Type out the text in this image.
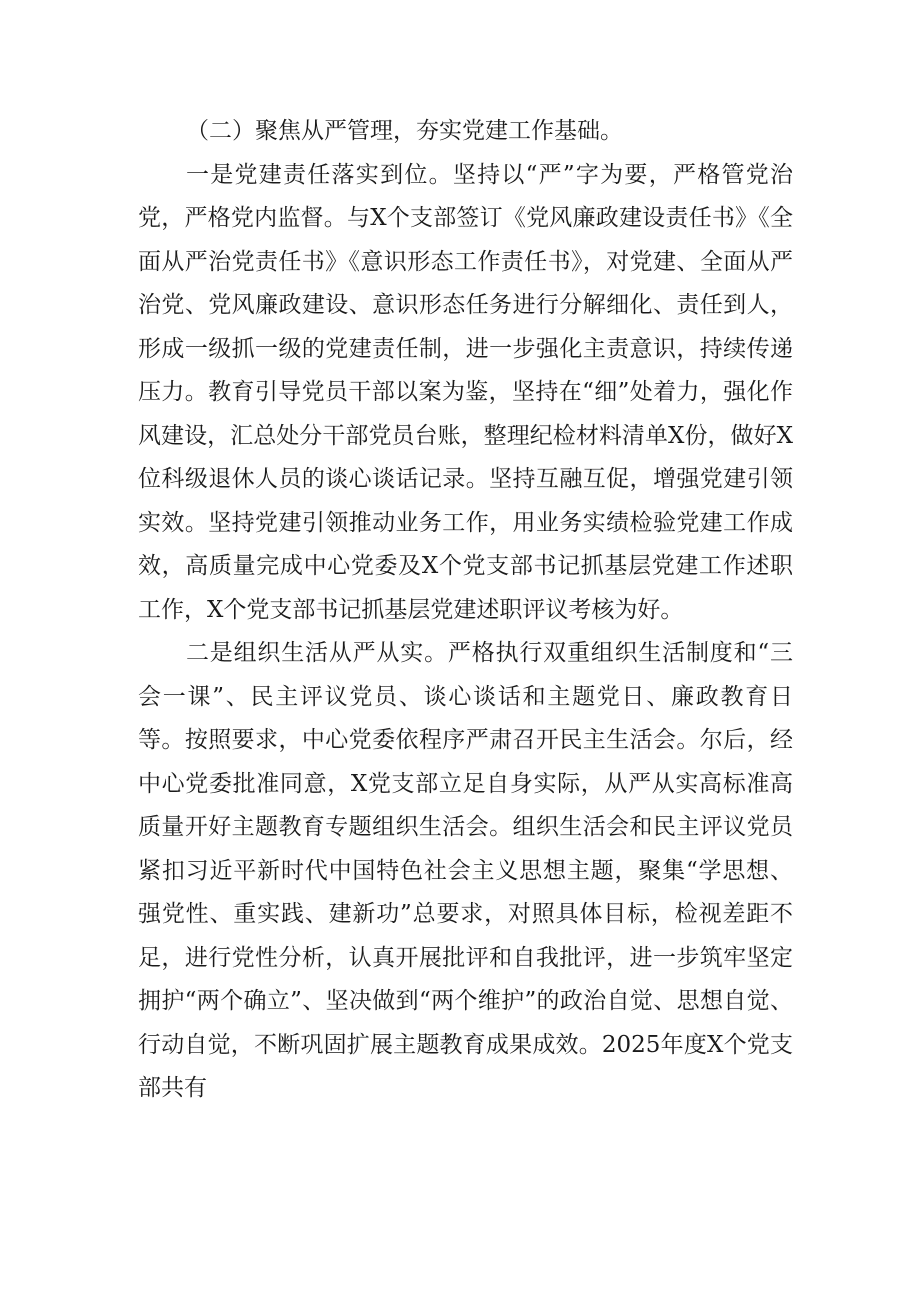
（二）聚焦从严管理，夯实党建工作基础。

一是党建责任落实到位。坚持以“严”字为要，严格管党治党，严格党内监督。与X个支部签订《党风廉政建设责任书》《全面从严治党责任书》《意识形态工作责任书》，对党建、全面从严治党、党风廉政建设、意识形态任务进行分解细化、责任到人，形成一级抓一级的党建责任制，进一步强化主责意识，持续传递压力。教育引导党员干部以案为鉴，坚持在“细”处着力，强化作风建设，汇总处分干部党员台账，整理纪检材料清单X份，做好X位科级退休人员的谈心谈话记录。坚持互融互促，增强党建引领实效。坚持党建引领推动业务工作，用业务实绩检验党建工作成效，高质量完成中心党委及X个党支部书记抓基层党建工作述职工作，X个党支部书记抓基层党建述职评议考核为好。

二是组织生活从严从实。严格执行双重组织生活制度和“三会一课”、民主评议党员、谈心谈话和主题党日、廉政教育日等。按照要求，中心党委依程序严肃召开民主生活会。尔后，经中心党委批准同意，X党支部立足自身实际，从严从实高标准高质量开好主题教育专题组织生活会。组织生活会和民主评议党员紧扣习近平新时代中国特色社会主义思想主题，聚集“学思想、强党性、重实践、建新功”总要求，对照具体目标，检视差距不足，进行党性分析，认真开展批评和自我批评，进一步筑牢坚定拥护“两个确立”、坚决做到“两个维护”的政治自觉、思想自觉、行动自觉，不断巩固扩展主题教育成果成效。2025年度X个党支部共有
